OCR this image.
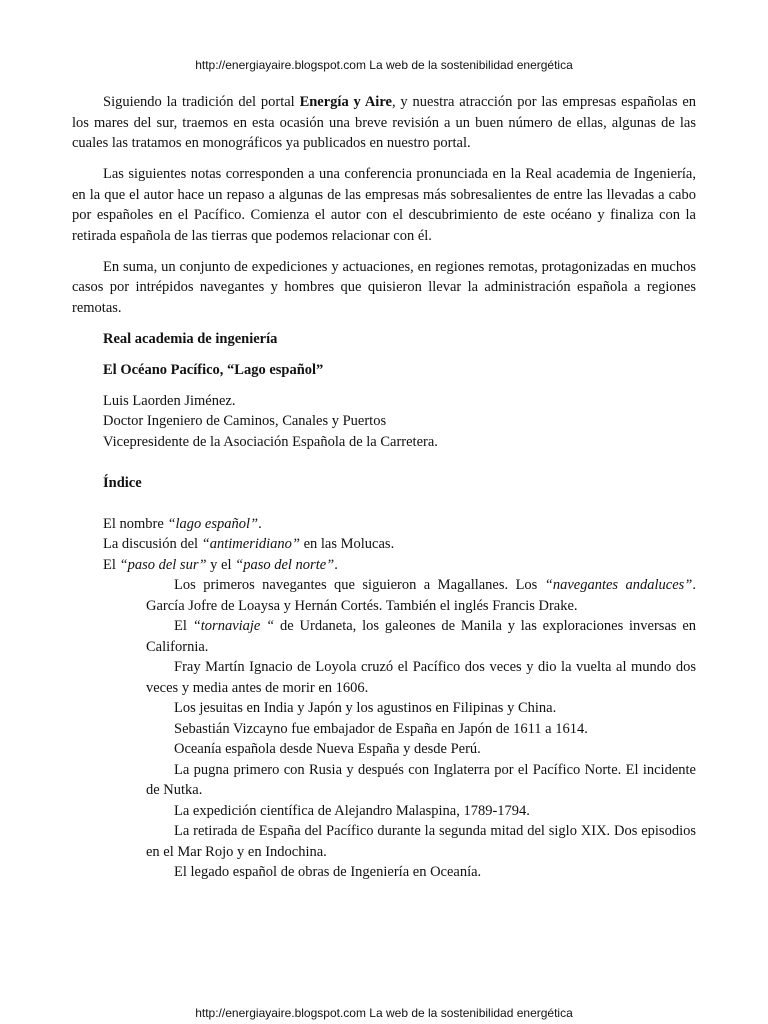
http://energiayaire.blogspot.com La web de la sostenibilidad energética

Siguiendo la tradición del portal Energía y Aire, y nuestra atracción por las empresas españolas en los mares del sur, traemos en esta ocasión una breve revisión a un buen número de ellas, algunas de las cuales las tratamos en monográficos ya publicados en nuestro portal.

Las siguientes notas corresponden a una conferencia pronunciada en la Real academia de Ingeniería, en la que el autor hace un repaso a algunas de las empresas más sobresalientes de entre las llevadas a cabo por españoles en el Pacífico. Comienza el autor con el descubrimiento de este océano y finaliza con la retirada española de las tierras que podemos relacionar con él.

En suma, un conjunto de expediciones y actuaciones, en regiones remotas, protagonizadas en muchos casos por intrépidos navegantes y hombres que quisieron llevar la administración española a regiones remotas.

Real academia de ingeniería

El Océano Pacífico, “Lago español”

Luis Laorden Jiménez.
Doctor Ingeniero de Caminos, Canales y Puertos
Vicepresidente de la Asociación Española de la Carretera.

Índice

El nombre “lago español”.
La discusión del “antimeridiano” en las Molucas.
El “paso del sur” y el “paso del norte”.

Los primeros navegantes que siguieron a Magallanes. Los “navegantes andaluces”. García Jofre de Loaysa y Hernán Cortés. También el inglés Francis Drake.

El “tornaviaje “ de Urdaneta, los galeones de Manila y las exploraciones inversas en California.

Fray Martín Ignacio de Loyola cruzó el Pacífico dos veces y dio la vuelta al mundo dos veces y media antes de morir en 1606.

Los jesuitas en India y Japón y los agustinos en Filipinas y China.

Sebastián Vizcayno fue embajador de España en Japón de 1611 a 1614.

Oceanía española desde Nueva España y desde Perú.

La pugna primero con Rusia y después con Inglaterra por el Pacífico Norte. El incidente de Nutka.

La expedición científica de Alejandro Malaspina, 1789-1794.

La retirada de España del Pacífico durante la segunda mitad del siglo XIX. Dos episodios en el Mar Rojo y en Indochina.

El legado español de obras de Ingeniería en Oceanía.

http://energiayaire.blogspot.com La web de la sostenibilidad energética
